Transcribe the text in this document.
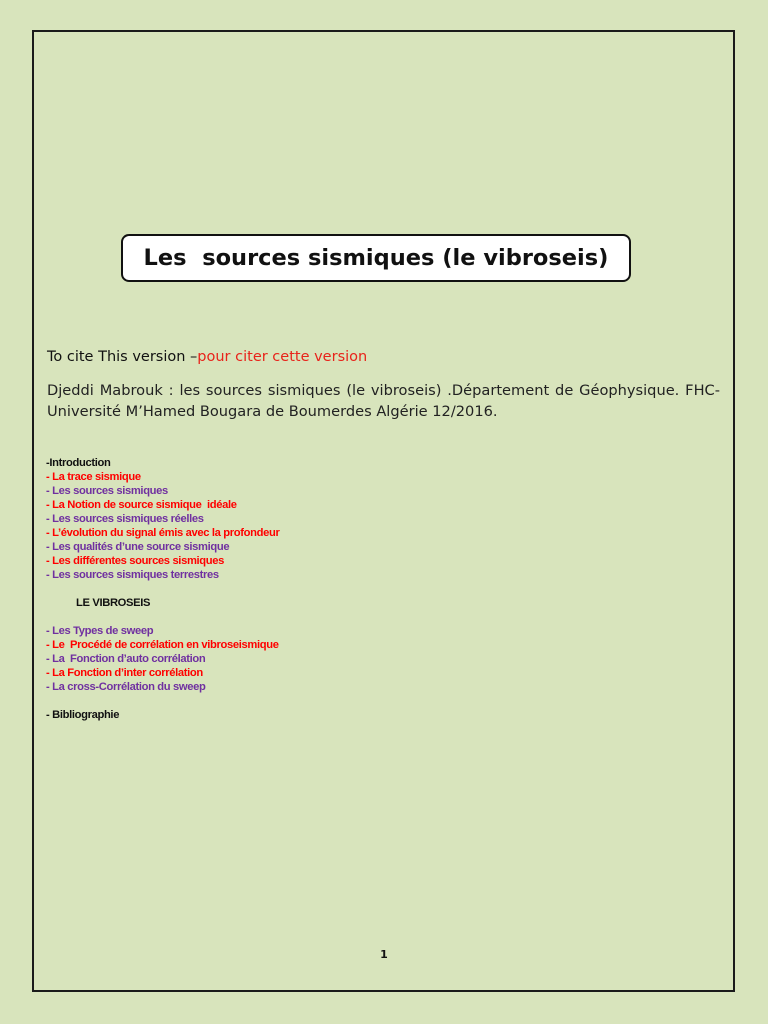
Les  sources sismiques (le vibroseis)
To cite This version –pour citer cette version
Djeddi Mabrouk : les sources sismiques (le vibroseis) .Département de Géophysique. FHC-Université M’Hamed Bougara de Boumerdes Algérie 12/2016.
-Introduction
- La trace sismique
- Les sources sismiques
- La Notion de source sismique  idéale
- Les sources sismiques réelles
- L’évolution du signal émis avec la profondeur
- Les qualités d’une source sismique
- Les différentes sources sismiques
- Les sources sismiques terrestres
LE VIBROSEIS
- Les Types de sweep
- Le  Procédé de corrélation en vibroseismique
- La  Fonction d’auto corrélation
- La Fonction d’inter corrélation
- La cross-Corrélation du sweep
- Bibliographie
1
